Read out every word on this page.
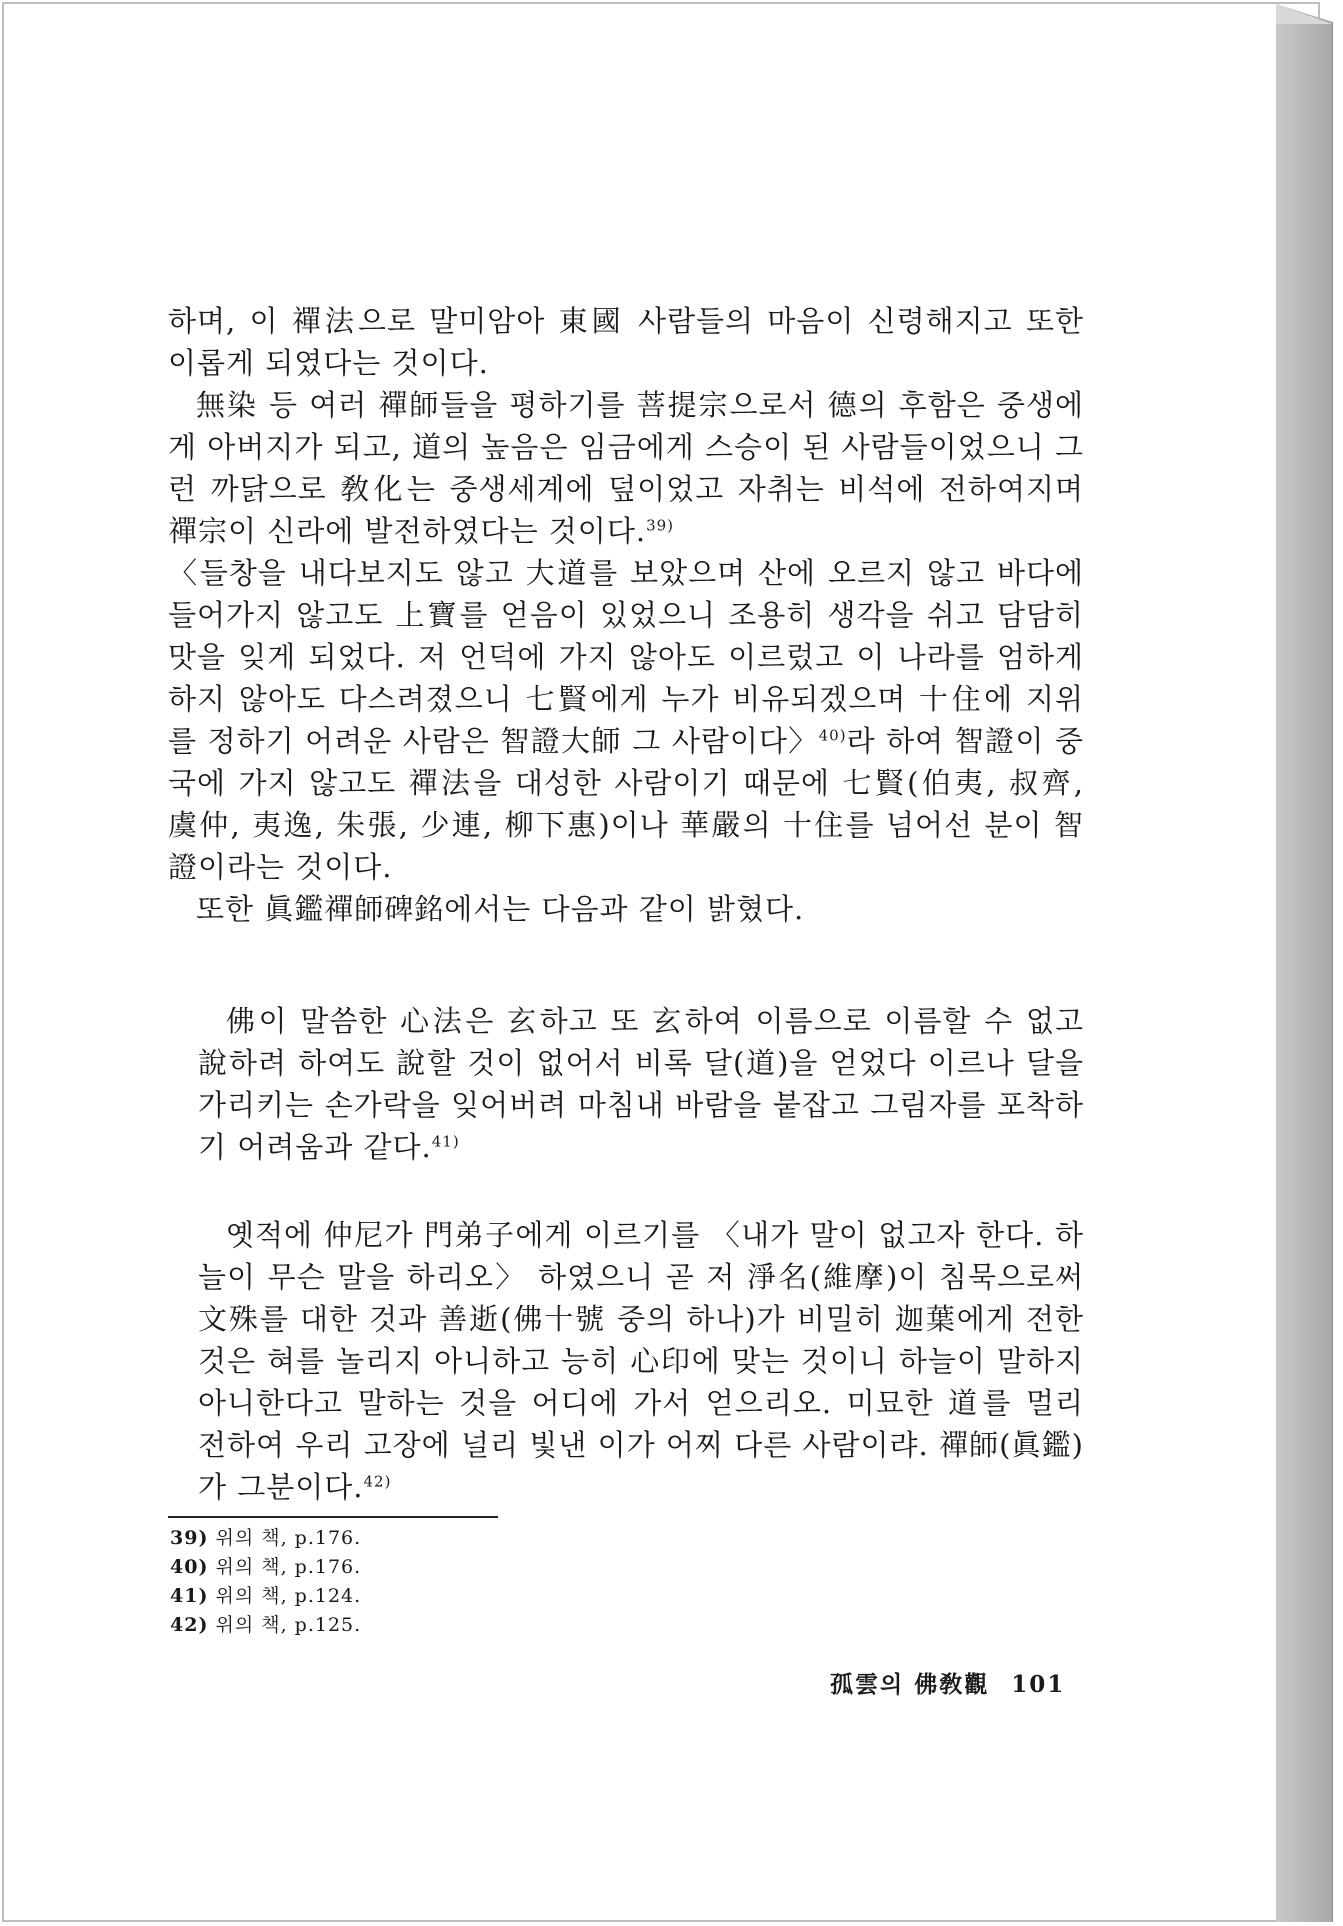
하며, 이 禪法으로 말미암아 東國 사람들의 마음이 신령해지고 또한 이롭게 되였다는 것이다.

無染 등 여러 禪師들을 평하기를 菩提宗으로서 德의 후함은 중생에게 아버지가 되고, 道의 높음은 임금에게 스승이 된 사람들이었으니 그런 까닭으로 敎化는 중생세계에 덮이었고 자취는 비석에 전하여지며 禪宗이 신라에 발전하였다는 것이다.$^{39)}$

〈들창을 내다보지도 않고 大道를 보았으며 산에 오르지 않고 바다에 들어가지 않고도 上寶를 얻음이 있었으니 조용히 생각을 쉬고 담담히 맛을 잊게 되었다. 저 언덕에 가지 않아도 이르렀고 이 나라를 엄하게 하지 않아도 다스려졌으니 七賢에게 누가 비유되겠으며 十住에 지위를 정하기 어려운 사람은 智證大師 그 사람이다〉$^{40)}$라 하여 智證이 중국에 가지 않고도 禪法을 대성한 사람이기 때문에 七賢(伯夷, 叔齊, 虞仲, 夷逸, 朱張, 少連, 柳下惠)이나 華嚴의 十住를 넘어선 분이 智證이라는 것이다.

또한 眞鑑禪師碑銘에서는 다음과 같이 밝혔다.

佛이 말씀한 心法은 玄하고 또 玄하여 이름으로 이름할 수 없고 說하려 하여도 說할 것이 없어서 비록 달(道)을 얻었다 이르나 달을 가리키는 손가락을 잊어버려 마침내 바람을 붙잡고 그림자를 포착하기 어려움과 같다.$^{41)}$

옛적에 仲尼가 門弟子에게 이르기를 〈내가 말이 없고자 한다. 하늘이 무슨 말을 하리오〉 하였으니 곧 저 淨名(維摩)이 침묵으로써 文殊를 대한 것과 善逝(佛十號 중의 하나)가 비밀히 迦葉에게 전한 것은 혀를 놀리지 아니하고 능히 心印에 맞는 것이니 하늘이 말하지 아니한다고 말하는 것을 어디에 가서 얻으리오. 미묘한 道를 멀리 전하여 우리 고장에 널리 빛낸 이가 어찌 다른 사람이랴. 禪師(眞鑑)가 그분이다.$^{42)}$

39) 위의 책, p.176.
40) 위의 책, p.176.
41) 위의 책, p.124.
42) 위의 책, p.125.
孤雲의 佛敎觀 101
